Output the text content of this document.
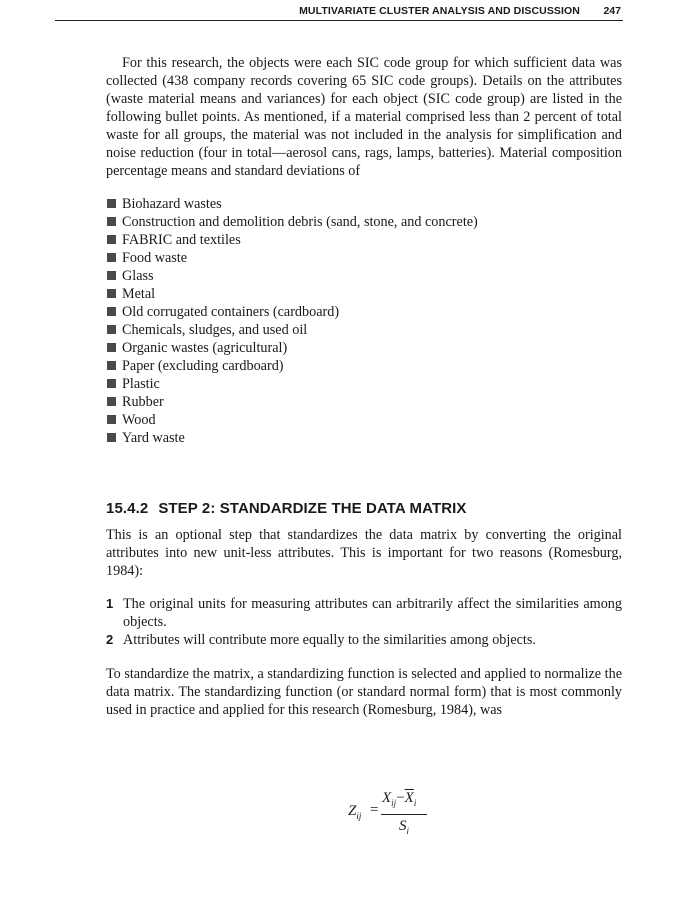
MULTIVARIATE CLUSTER ANALYSIS AND DISCUSSION 247

For this research, the objects were each SIC code group for which sufficient data was collected (438 company records covering 65 SIC code groups). Details on the attributes (waste material means and variances) for each object (SIC code group) are listed in the following bullet points. As mentioned, if a material comprised less than 2 percent of total waste for all groups, the material was not included in the analysis for simplification and noise reduction (four in total—aerosol cans, rags, lamps, batteries). Material composition percentage means and standard deviations of

Biohazard wastes
Construction and demolition debris (sand, stone, and concrete)
FABRIC and textiles
Food waste
Glass
Metal
Old corrugated containers (cardboard)
Chemicals, sludges, and used oil
Organic wastes (agricultural)
Paper (excluding cardboard)
Plastic
Rubber
Wood
Yard waste
15.4.2 STEP 2: STANDARDIZE THE DATA MATRIX

This is an optional step that standardizes the data matrix by converting the original attributes into new unit-less attributes. This is important for two reasons (Romesburg, 1984):

1 The original units for measuring attributes can arbitrarily affect the similarities among objects.
2 Attributes will contribute more equally to the similarities among objects.

To standardize the matrix, a standardizing function is selected and applied to normalize the data matrix. The standardizing function (or standard normal form) that is most commonly used in practice and applied for this research (Romesburg, 1984), was

$Z_{ij}$ =
$X_{ij}-\overline{X}_i$
$S_i$
